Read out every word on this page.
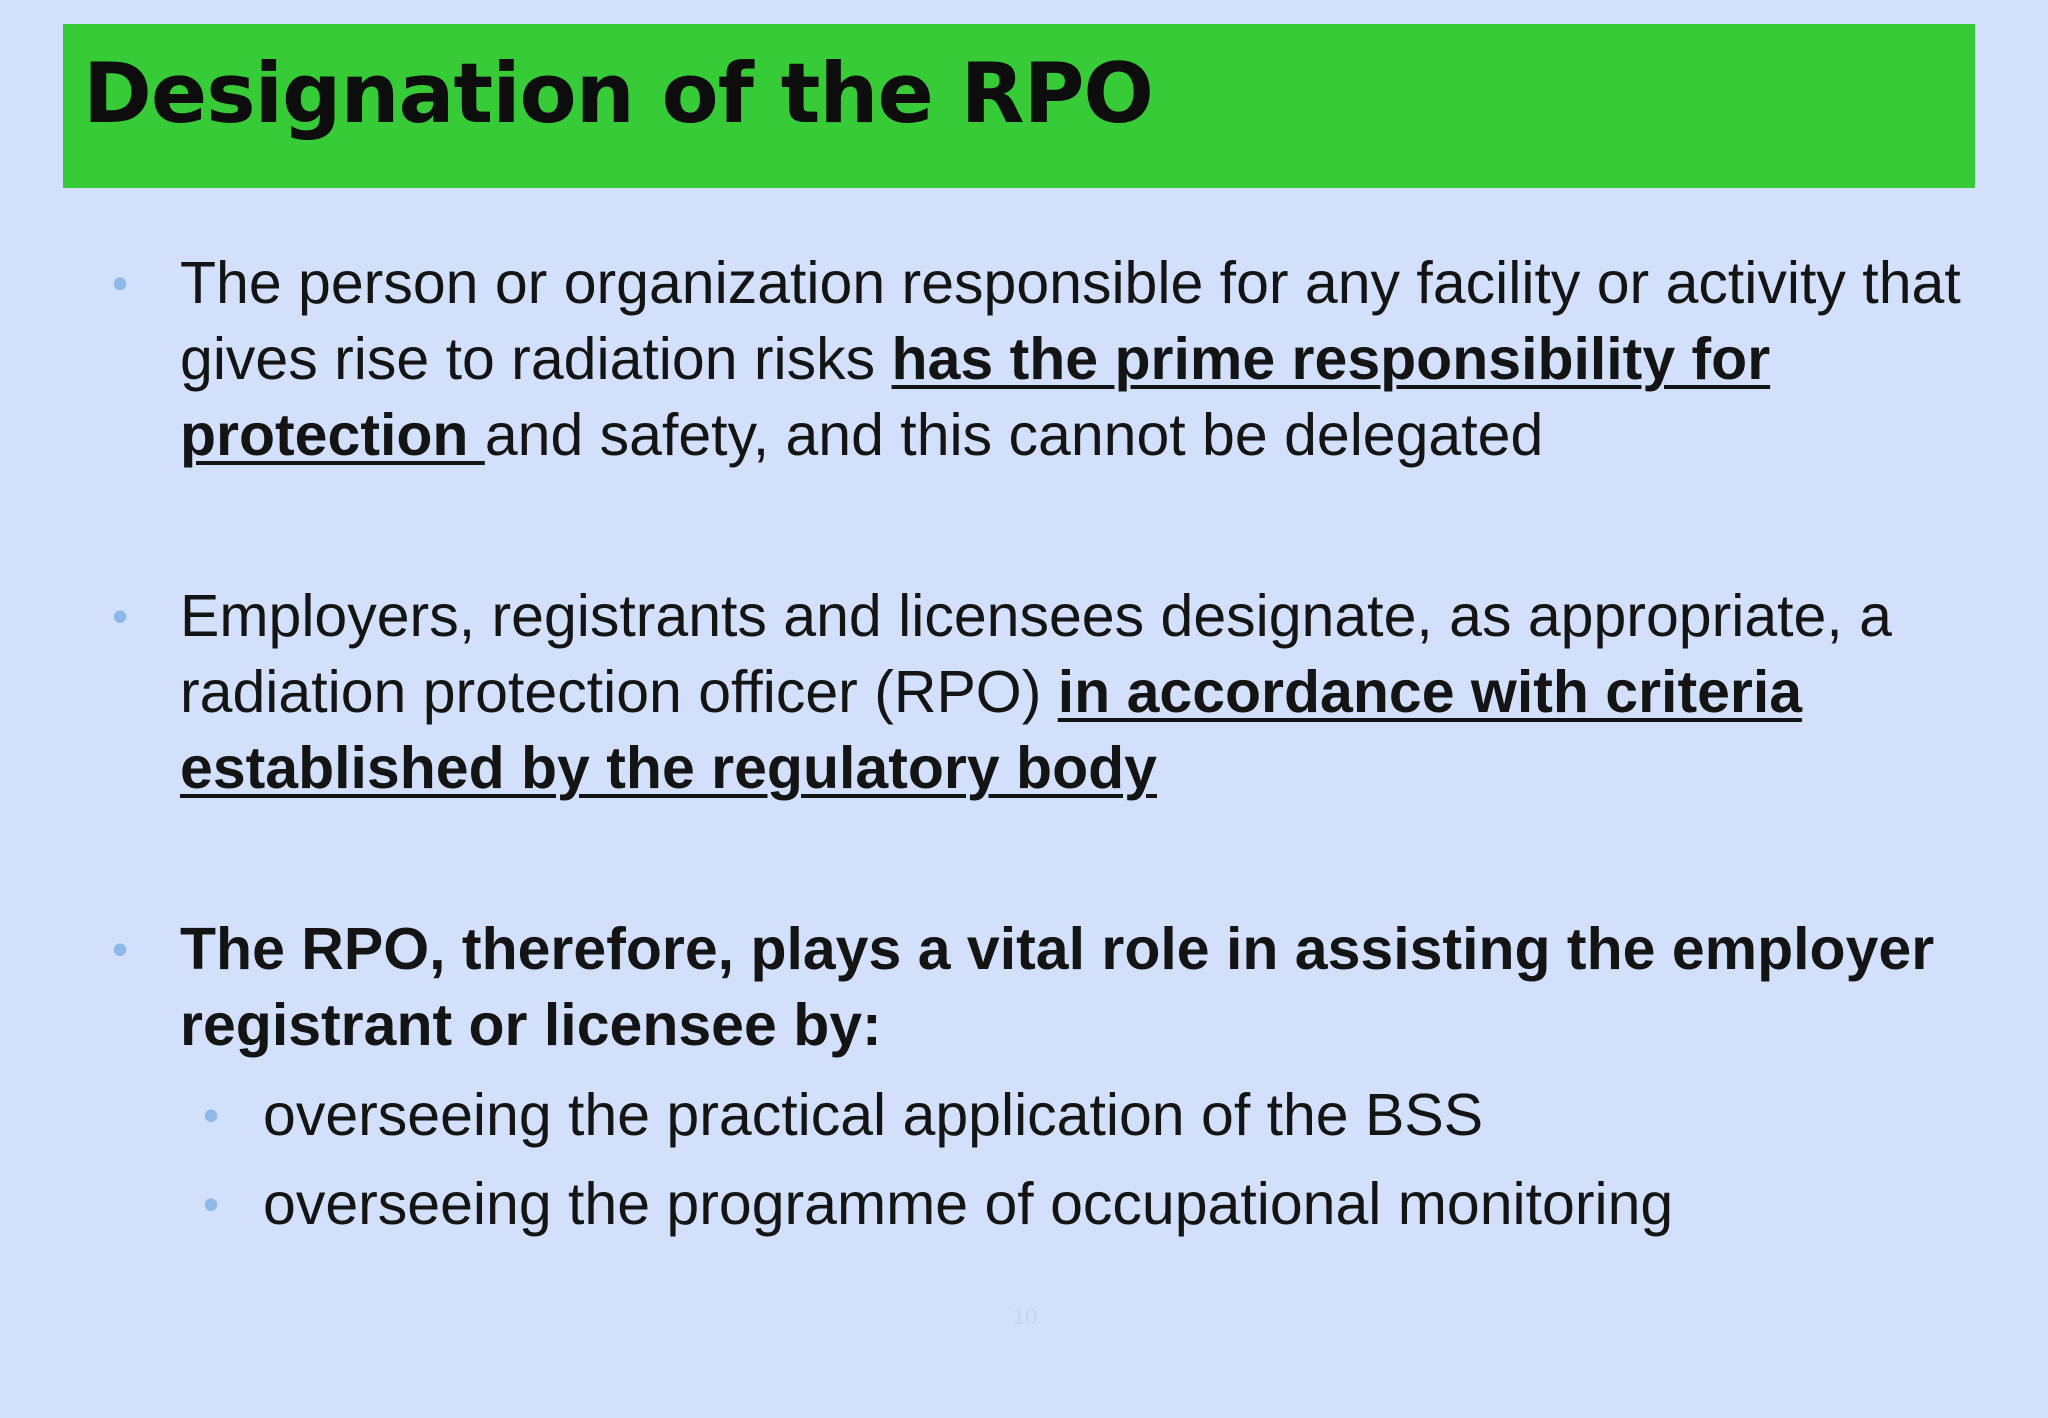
Designation of the RPO
• The person or organization responsible for any facility or activity that gives rise to radiation risks has the prime responsibility for protection and safety, and this cannot be delegated
• Employers, registrants and licensees designate, as appropriate, a radiation protection officer (RPO) in accordance with criteria established by the regulatory body
• The RPO, therefore, plays a vital role in assisting the employer registrant or licensee by:
• overseeing the practical application of the BSS
• overseeing the programme of occupational monitoring
10
